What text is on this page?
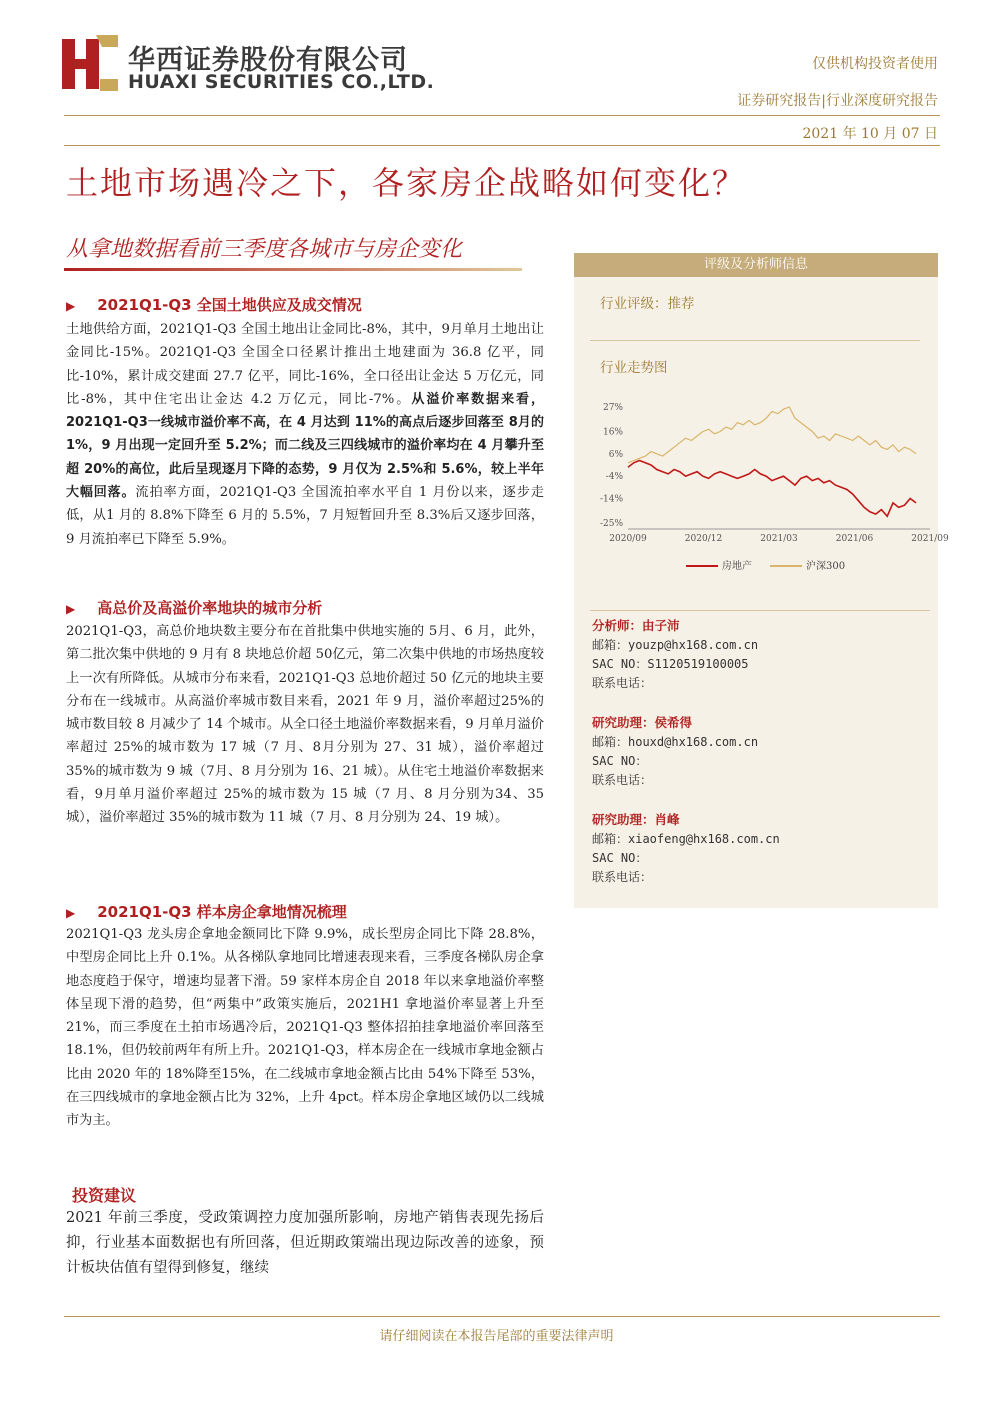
华西证券股份有限公司
HUAXI SECURITIES CO.,LTD.
仅供机构投资者使用
证券研究报告|行业深度研究报告
2021 年 10 月 07 日
土地市场遇冷之下，各家房企战略如何变化？
从拿地数据看前三季度各城市与房企变化
▶ 2021Q1-Q3 全国土地供应及成交情况
土地供给方面，2021Q1-Q3 全国土地出让金同比-8%，其中，9月单月土地出让金同比-15%。2021Q1-Q3 全国全口径累计推出土地建面为 36.8 亿平，同比-10%，累计成交建面 27.7 亿平，同比-16%，全口径出让金达 5 万亿元，同比-8%，其中住宅出让金达 4.2 万亿元，同比-7%。从溢价率数据来看，2021Q1-Q3一线城市溢价率不高，在 4 月达到 11%的高点后逐步回落至 8月的 1%，9 月出现一定回升至 5.2%；而二线及三四线城市的溢价率均在 4 月攀升至超 20%的高位，此后呈现逐月下降的态势，9 月仅为 2.5%和 5.6%，较上半年大幅回落。流拍率方面，2021Q1-Q3 全国流拍率水平自 1 月份以来，逐步走低，从1 月的 8.8%下降至 6 月的 5.5%，7 月短暂回升至 8.3%后又逐步回落，9 月流拍率已下降至 5.9%。
▶ 高总价及高溢价率地块的城市分析
2021Q1-Q3，高总价地块数主要分布在首批集中供地实施的 5月、6 月，此外，第二批次集中供地的 9 月有 8 块地总价超 50亿元，第二次集中供地的市场热度较上一次有所降低。从城市分布来看，2021Q1-Q3 总地价超过 50 亿元的地块主要分布在一线城市。从高溢价率城市数目来看，2021 年 9 月，溢价率超过25%的城市数目较 8 月减少了 14 个城市。从全口径土地溢价率数据来看，9 月单月溢价率超过 25%的城市数为 17 城（7 月、8月分别为 27、31 城），溢价率超过 35%的城市数为 9 城（7月、8 月分别为 16、21 城）。从住宅土地溢价率数据来看，9月单月溢价率超过 25%的城市数为 15 城（7 月、8 月分别为34、35 城），溢价率超过 35%的城市数为 11 城（7 月、8 月分别为 24、19 城）。
▶ 2021Q1-Q3 样本房企拿地情况梳理
2021Q1-Q3 龙头房企拿地金额同比下降 9.9%，成长型房企同比下降 28.8%，中型房企同比上升 0.1%。从各梯队拿地同比增速表现来看，三季度各梯队房企拿地态度趋于保守，增速均显著下滑。59 家样本房企自 2018 年以来拿地溢价率整体呈现下滑的趋势，但“两集中”政策实施后，2021H1 拿地溢价率显著上升至 21%，而三季度在土拍市场遇冷后，2021Q1-Q3 整体招拍挂拿地溢价率回落至 18.1%，但仍较前两年有所上升。2021Q1-Q3，样本房企在一线城市拿地金额占比由 2020 年的 18%降至15%，在二线城市拿地金额占比由 54%下降至 53%，在三四线城市的拿地金额占比为 32%，上升 4pct。样本房企拿地区域仍以二线城市为主。
投资建议
2021 年前三季度，受政策调控力度加强所影响，房地产销售表现先扬后抑，行业基本面数据也有所回落，但近期政策端出现边际改善的迹象，预计板块估值有望得到修复，继续
评级及分析师信息
行业评级：推荐
行业走势图
27%
16%
6%
-4%
-14%
-25%
2020/09	2020/12	2021/03	2021/06	2021/09
房地产	沪深300
分析师：由子沛
邮箱：youzp@hx168.com.cn
SAC NO：S1120519100005
联系电话：
研究助理：侯希得
邮箱：houxd@hx168.com.cn
SAC NO：
联系电话：
研究助理：肖峰
邮箱：xiaofeng@hx168.com.cn
SAC NO：
联系电话：
请仔细阅读在本报告尾部的重要法律声明
